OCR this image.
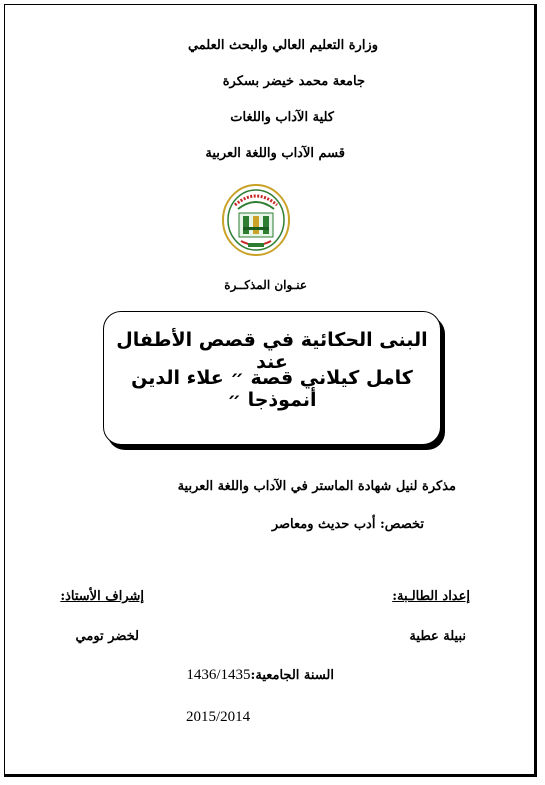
وزارة التعليم العالي والبحث العلمي
جامعة محمد خيضر بسكرة
كلية الآداب واللغات
قسم الآداب واللغة العربية
عنـوان المذكــرة
البنى الحكائية في قصص الأطفال عند
كامل كيلاني قصة ״ علاء الدين أنموذجا ״
مذكرة لنيل شهادة الماستر في الآداب واللغة العربية
تخصص: أدب حديث ومعاصر
إعداد الطالـبة:
إشراف الأستاذ:
نبيلة عطية
لخضر تومي
السنة الجامعية:1436/1435
2015/2014
